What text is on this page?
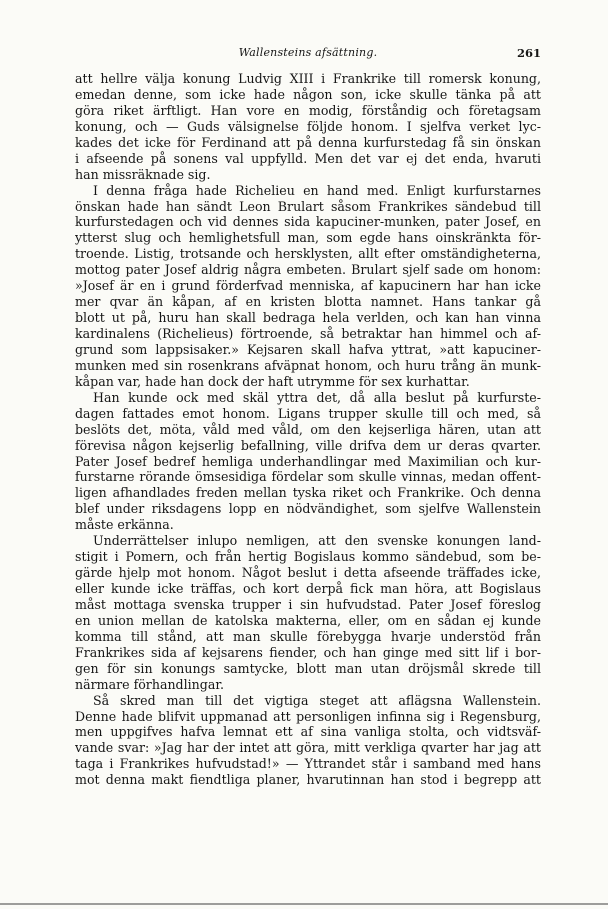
Wallensteins afsättning.	261
att hellre välja konung Ludvig XIII i Frankrike till romersk konung,
emedan denne, som icke hade någon son, icke skulle tänka på att
göra riket ärftligt. Han vore en modig, förståndig och företagsam
konung, och — Guds välsignelse följde honom. I sjelfva verket lyc-
kades det icke för Ferdinand att på denna kurfurstedag få sin önskan
i afseende på sonens val uppfylld. Men det var ej det enda, hvaruti
han missräknade sig.
I denna fråga hade Richelieu en hand med. Enligt kurfurstarnes
önskan hade han sändt Leon Brulart såsom Frankrikes sändebud till
kurfurstedagen och vid dennes sida kapuciner-munken, pater Josef, en
ytterst slug och hemlighetsfull man, som egde hans oinskränkta för-
troende. Listig, trotsande och hersklysten, allt efter omständigheterna,
mottog pater Josef aldrig några embeten. Brulart sjelf sade om honom:
»Josef är en i grund förderfvad menniska, af kapucinern har han icke
mer qvar än kåpan, af en kristen blotta namnet. Hans tankar gå
blott ut på, huru han skall bedraga hela verlden, och kan han vinna
kardinalens (Richelieus) förtroende, så betraktar han himmel och af-
grund som lappsisaker.» Kejsaren skall hafva yttrat, »att kapuciner-
munken med sin rosenkrans afväpnat honom, och huru trång än munk-
kåpan var, hade han dock der haft utrymme för sex kurhattar.
Han kunde ock med skäl yttra det, då alla beslut på kurfurste-
dagen fattades emot honom. Ligans trupper skulle till och med, så
beslöts det, möta, våld med våld, om den kejserliga hären, utan att
förevisa någon kejserlig befallning, ville drifva dem ur deras qvarter.
Pater Josef bedref hemliga underhandlingar med Maximilian och kur-
furstarne rörande ömsesidiga fördelar som skulle vinnas, medan offent-
ligen afhandlades freden mellan tyska riket och Frankrike. Och denna
blef under riksdagens lopp en nödvändighet, som sjelfve Wallenstein
måste erkänna.
Underrättelser inlupo nemligen, att den svenske konungen land-
stigit i Pomern, och från hertig Bogislaus kommo sändebud, som be-
gärde hjelp mot honom. Något beslut i detta afseende träffades icke,
eller kunde icke träffas, och kort derpå fick man höra, att Bogislaus
måst mottaga svenska trupper i sin hufvudstad. Pater Josef föreslog
en union mellan de katolska makterna, eller, om en sådan ej kunde
komma till stånd, att man skulle förebygga hvarje understöd från
Frankrikes sida af kejsarens fiender, och han ginge med sitt lif i bor-
gen för sin konungs samtycke, blott man utan dröjsmål skrede till
närmare förhandlingar.
Så skred man till det vigtiga steget att aflägsna Wallenstein.
Denne hade blifvit uppmanad att personligen infinna sig i Regensburg,
men uppgifves hafva lemnat ett af sina vanliga stolta, och vidtsväf-
vande svar: »Jag har der intet att göra, mitt verkliga qvarter har jag att
taga i Frankrikes hufvudstad!» — Yttrandet står i samband med hans
mot denna makt fiendtliga planer, hvarutinnan han stod i begrepp att
